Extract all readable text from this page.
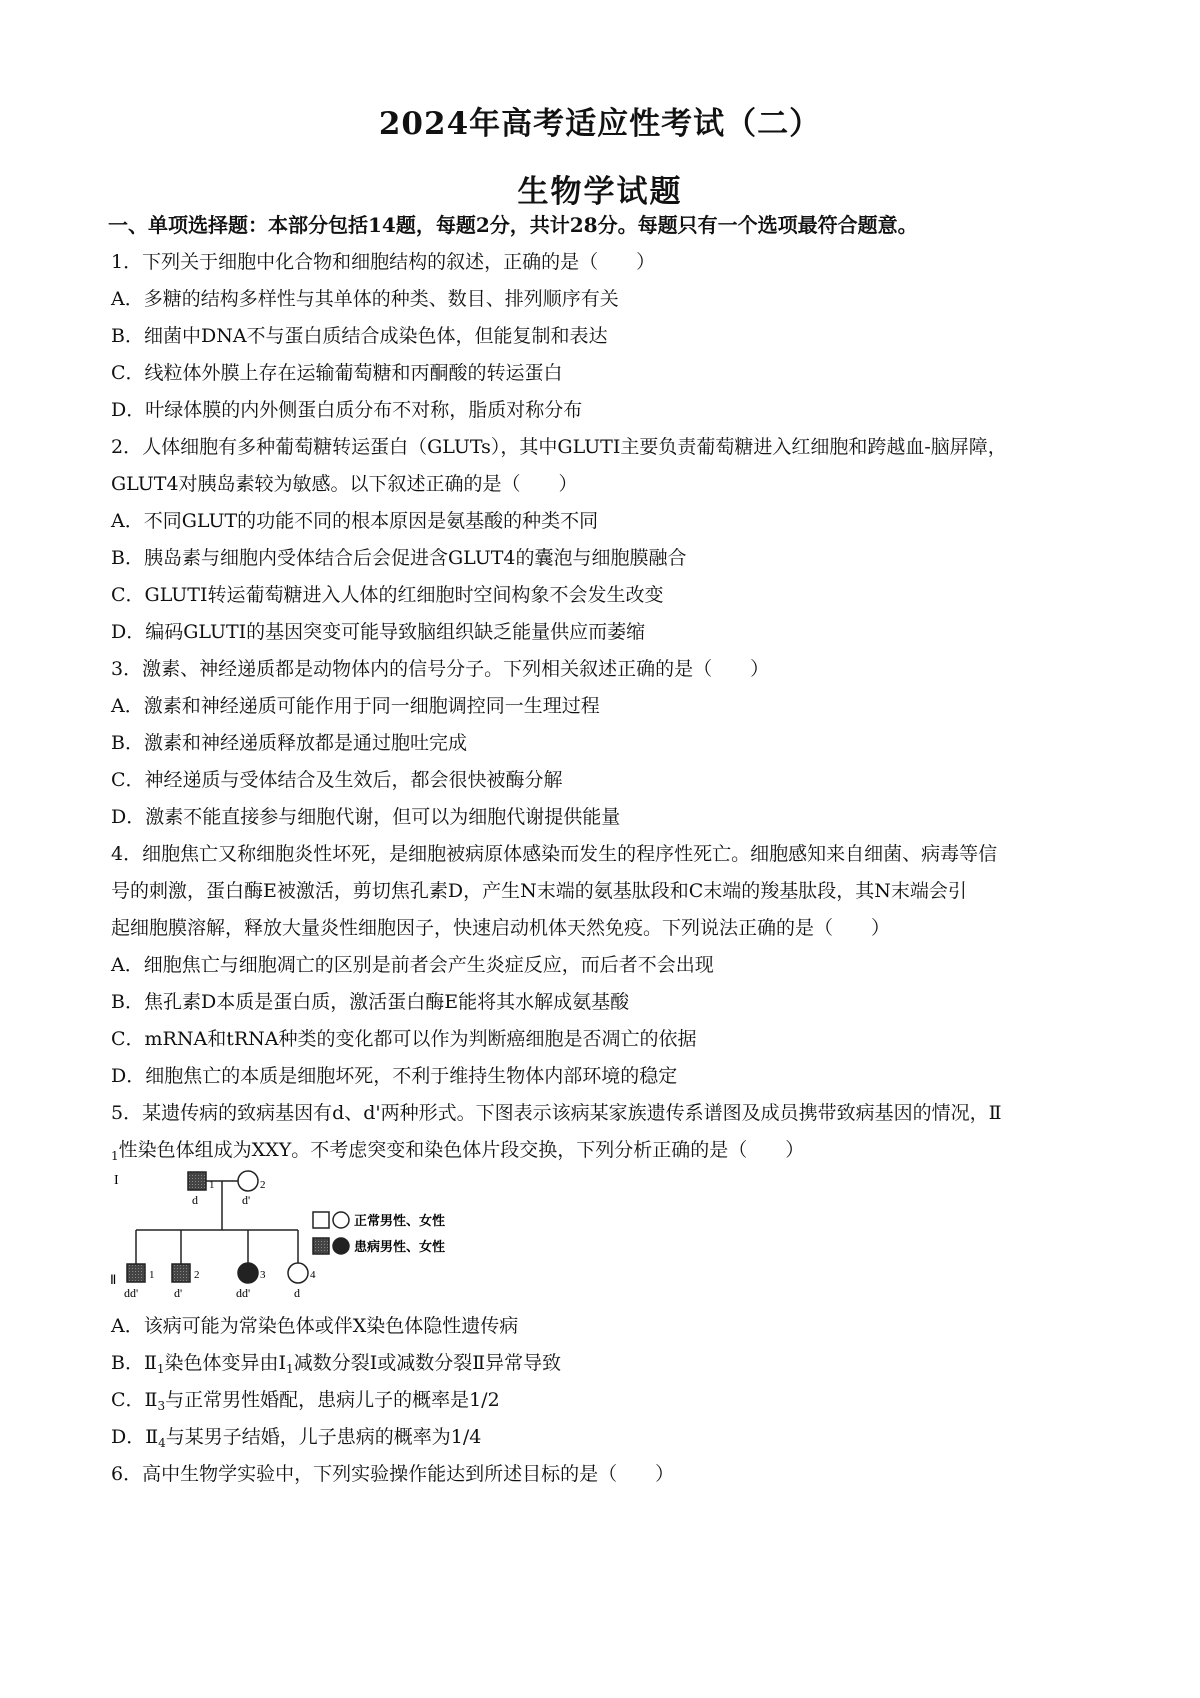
2024年高考适应性考试（二）
生物学试题
一、单项选择题：本部分包括14题，每题2分，共计28分。每题只有一个选项最符合题意。
1．下列关于细胞中化合物和细胞结构的叙述，正确的是（　　）
A．多糖的结构多样性与其单体的种类、数目、排列顺序有关
B．细菌中DNA不与蛋白质结合成染色体，但能复制和表达
C．线粒体外膜上存在运输葡萄糖和丙酮酸的转运蛋白
D．叶绿体膜的内外侧蛋白质分布不对称，脂质对称分布
2．人体细胞有多种葡萄糖转运蛋白（GLUTs），其中GLUTI主要负责葡萄糖进入红细胞和跨越血-脑屏障，
GLUT4对胰岛素较为敏感。以下叙述正确的是（　　）
A．不同GLUT的功能不同的根本原因是氨基酸的种类不同
B．胰岛素与细胞内受体结合后会促进含GLUT4的囊泡与细胞膜融合
C．GLUTI转运葡萄糖进入人体的红细胞时空间构象不会发生改变
D．编码GLUTI的基因突变可能导致脑组织缺乏能量供应而萎缩
3．激素、神经递质都是动物体内的信号分子。下列相关叙述正确的是（　　）
A．激素和神经递质可能作用于同一细胞调控同一生理过程
B．激素和神经递质释放都是通过胞吐完成
C．神经递质与受体结合及生效后，都会很快被酶分解
D．激素不能直接参与细胞代谢，但可以为细胞代谢提供能量
4．细胞焦亡又称细胞炎性坏死，是细胞被病原体感染而发生的程序性死亡。细胞感知来自细菌、病毒等信
号的刺激，蛋白酶E被激活，剪切焦孔素D，产生N末端的氨基肽段和C末端的羧基肽段，其N末端会引
起细胞膜溶解，释放大量炎性细胞因子，快速启动机体天然免疫。下列说法正确的是（　　）
A．细胞焦亡与细胞凋亡的区别是前者会产生炎症反应，而后者不会出现
B．焦孔素D本质是蛋白质，激活蛋白酶E能将其水解成氨基酸
C．mRNA和tRNA种类的变化都可以作为判断癌细胞是否凋亡的依据
D．细胞焦亡的本质是细胞坏死，不利于维持生物体内部环境的稳定
5．某遗传病的致病基因有d、d'两种形式。下图表示该病某家族遗传系谱图及成员携带致病基因的情况，Ⅱ
$_1$性染色体组成为XXY。不考虑突变和染色体片段交换，下列分析正确的是（　　）
I
Ⅱ
1
d
2
d'
1
dd'
2
d'
3
dd'
4
d
正常男性、女性
患病男性、女性
A．该病可能为常染色体或伴X染色体隐性遗传病
B．$Ⅱ_1$染色体变异由$Ⅰ_1$减数分裂Ⅰ或减数分裂Ⅱ异常导致
C．$Ⅱ_3$与正常男性婚配，患病儿子的概率是1/2
D．$Ⅱ_4$与某男子结婚，儿子患病的概率为1/4
6．高中生物学实验中，下列实验操作能达到所述目标的是（　　）
